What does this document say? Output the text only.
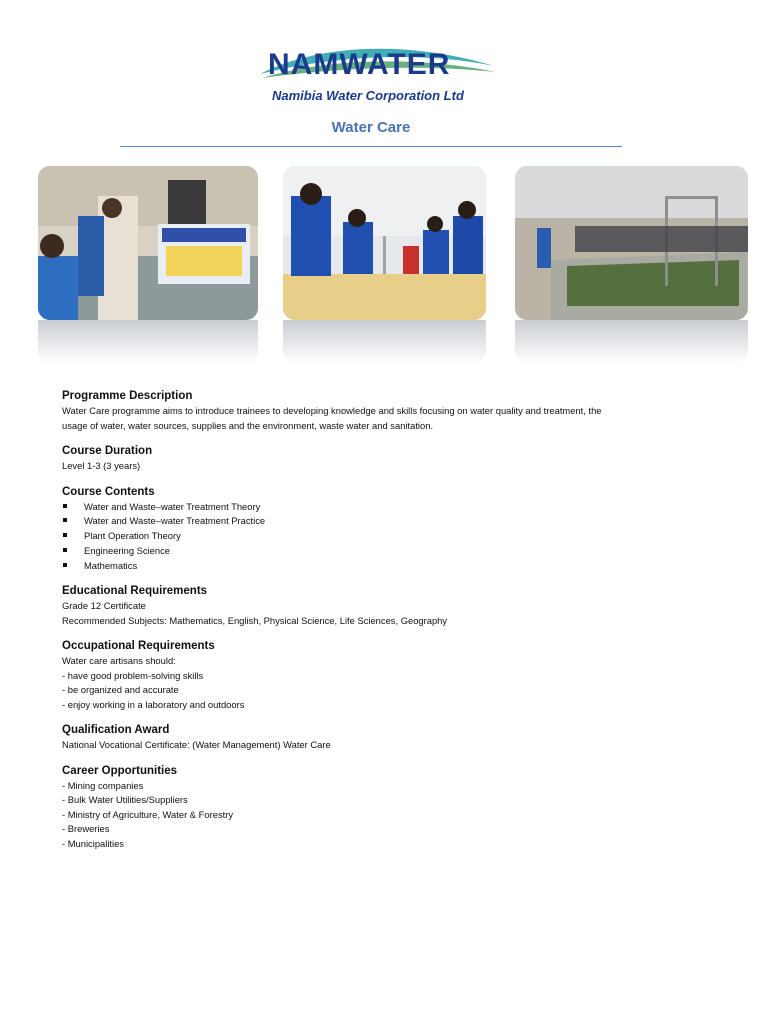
NAMWATER
Namibia Water Corporation Ltd
Water Care
Programme Description
Water Care programme aims to introduce trainees to developing knowledge and skills focusing on water quality and treatment, the
usage of water, water sources, supplies and the environment, waste water and sanitation.
Course Duration
Level 1-3 (3 years)
Course Contents
Water and Waste–water Treatment Theory
Water and Waste–water Treatment Practice
Plant Operation Theory
Engineering Science
Mathematics
Educational Requirements
Grade 12 Certificate
Recommended Subjects: Mathematics, English, Physical Science, Life Sciences, Geography
Occupational Requirements
Water care artisans should:
- have good problem-solving skills
- be organized and accurate
- enjoy working in a laboratory and outdoors
Qualification Award
National Vocational Certificate: (Water Management) Water Care
Career Opportunities
- Mining companies
- Bulk Water Utilities/Suppliers
- Ministry of Agriculture, Water & Forestry
- Breweries
- Municipalities
